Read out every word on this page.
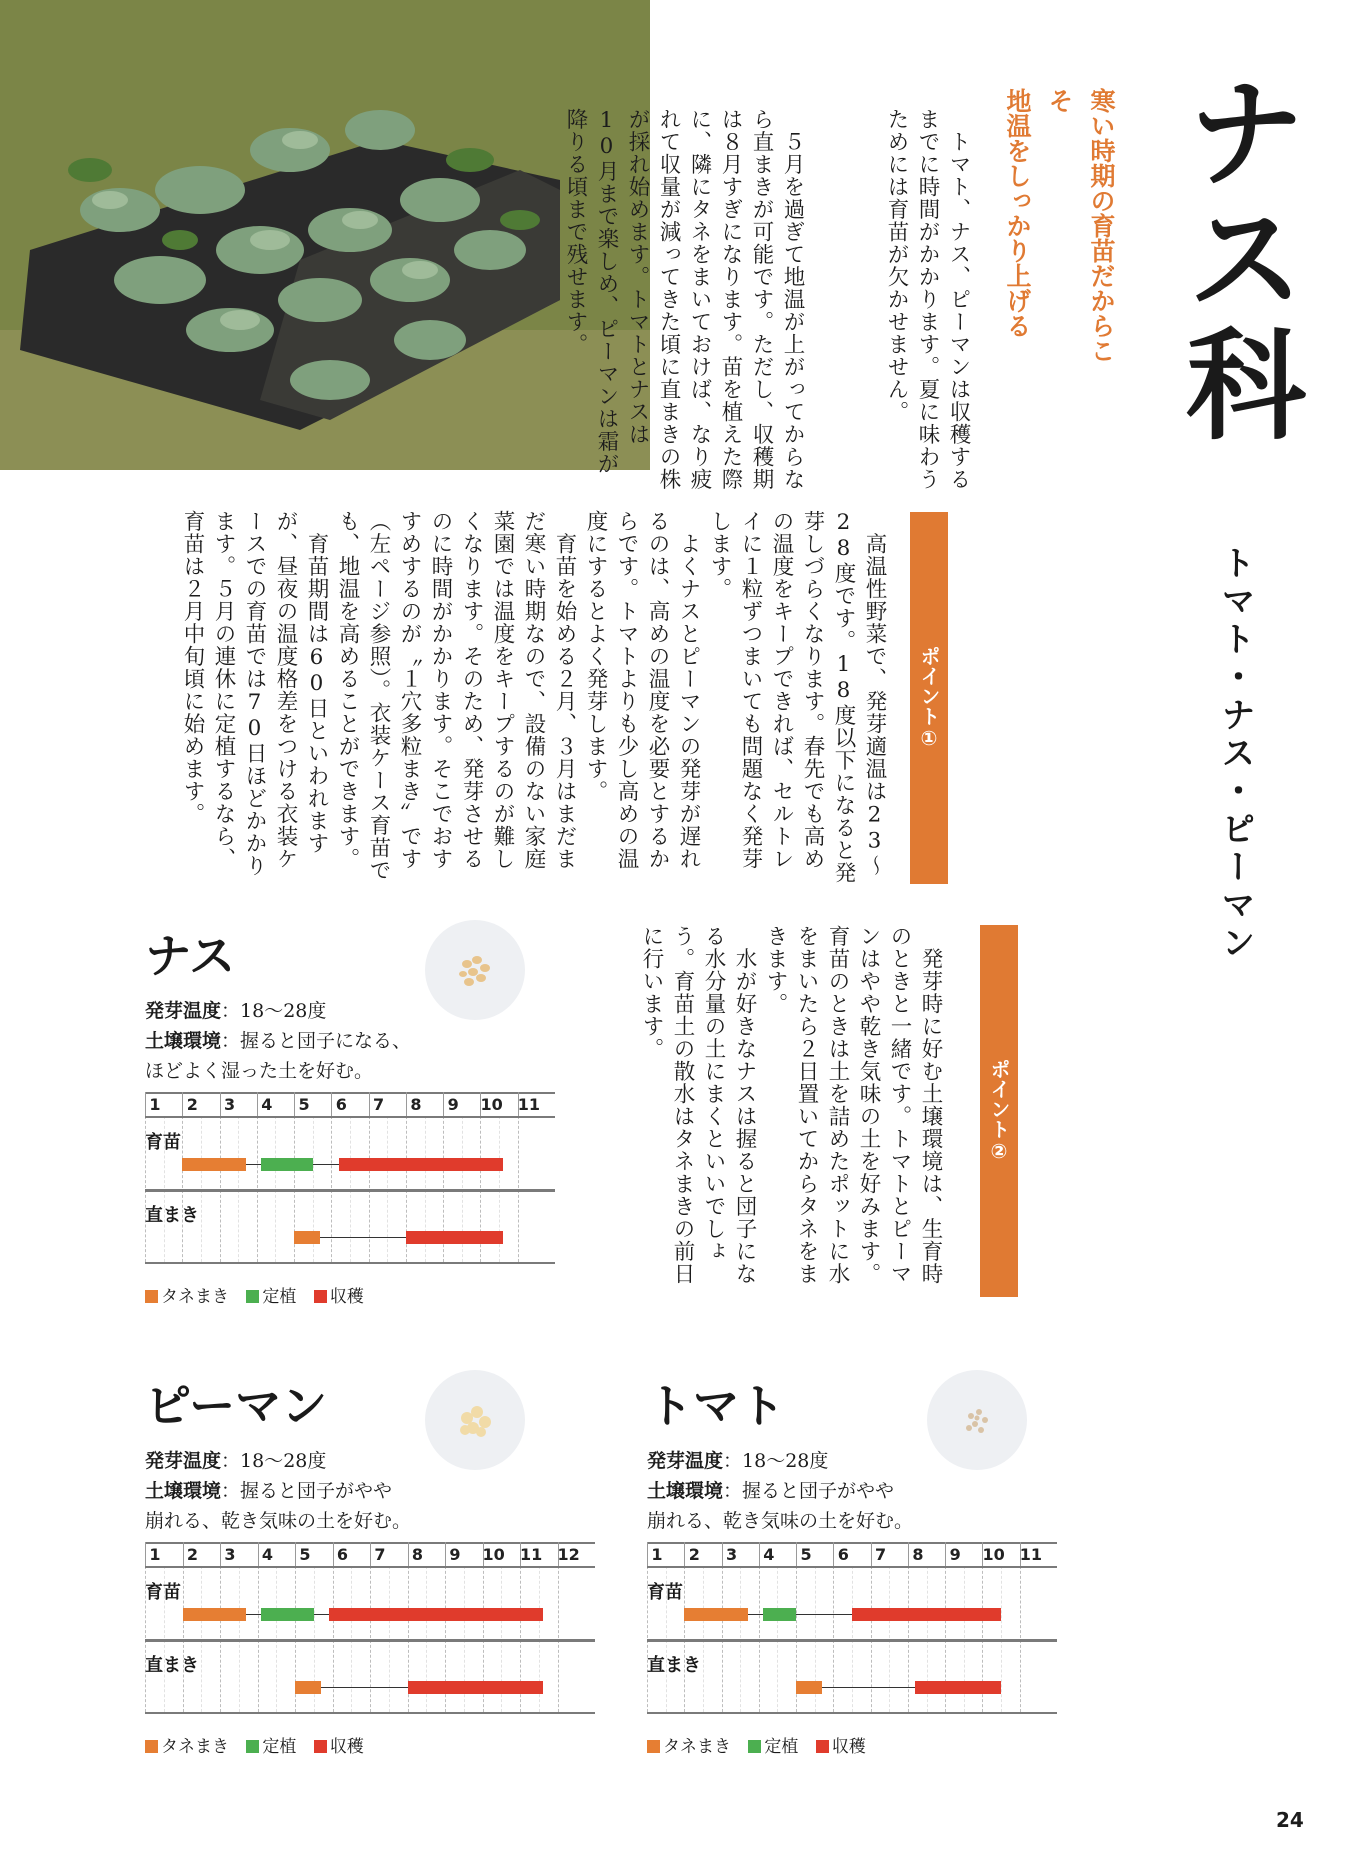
ナス科
トマト・ナス・ピーマン
寒い時期の育苗だからこそ
地温をしっかり上げる
　トマト、ナス、ピーマンは収穫するまでに時間がかかります。夏に味わうためには育苗が欠かせません。
　５月を過ぎて地温が上がってからなら直まきが可能です。ただし、収穫期は８月すぎになります。苗を植えた際に、隣にタネをまいておけば、なり疲れて収量が減ってきた頃に直まきの株が採れ始めます。トマトとナスは10月まで楽しめ、ピーマンは霜が降りる頃まで残せます。
ポイント①
　高温性野菜で、発芽適温は23〜28度です。18度以下になると発芽しづらくなります。春先でも高めの温度をキープできれば、セルトレイに１粒ずつまいても問題なく発芽します。
　よくナスとピーマンの発芽が遅れるのは、高めの温度を必要とするからです。トマトよりも少し高めの温度にするとよく発芽します。
　育苗を始める２月、３月はまだまだ寒い時期なので、設備のない家庭菜園では温度をキープするのが難しくなります。そのため、発芽させるのに時間がかかります。そこでおすすめするのが〝１穴多粒まき〟です（左ページ参照）。衣装ケース育苗でも、地温を高めることができます。
　育苗期間は60日といわれますが、昼夜の温度格差をつける衣装ケースでの育苗では70日ほどかかります。５月の連休に定植するなら、育苗は２月中旬頃に始めます。
ポイント②
　発芽時に好む土壌環境は、生育時のときと一緒です。トマトとピーマンはやや乾き気味の土を好みます。育苗のときは土を詰めたポットに水をまいたら２日置いてからタネをまきます。
　水が好きなナスは握ると団子になる水分量の土にまくといいでしょう。育苗土の散水はタネまきの前日に行います。
ナス
発芽温度：18〜28度
土壌環境：握ると団子になる、
ほどよく湿った土を好む。
1 2 3 4 5 6 7 8 9 10 11
育苗
直まき
タネまき 定植 収穫
ピーマン
発芽温度：18〜28度
土壌環境：握ると団子がやや
崩れる、乾き気味の土を好む。
1 2 3 4 5 6 7 8 9 10 11 12
育苗
直まき
タネまき 定植 収穫
トマト
発芽温度：18〜28度
土壌環境：握ると団子がやや
崩れる、乾き気味の土を好む。
1 2 3 4 5 6 7 8 9 10 11
育苗
直まき
タネまき 定植 収穫
24
